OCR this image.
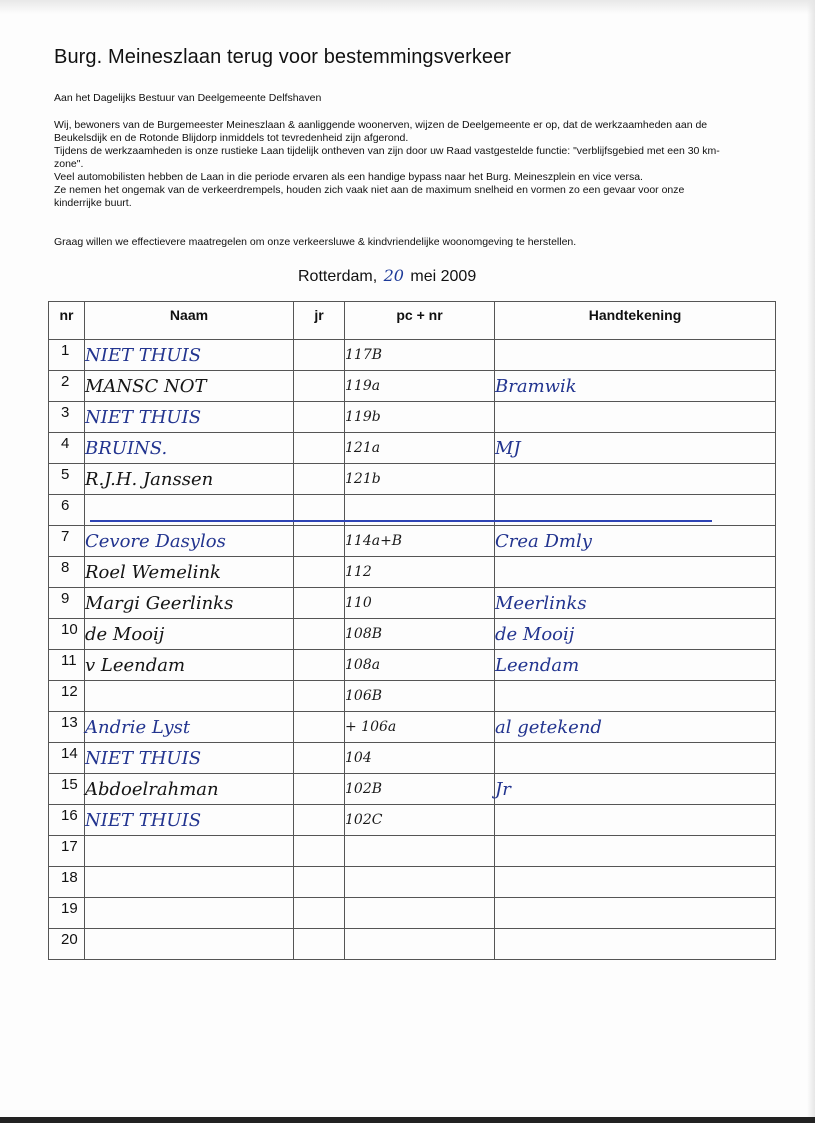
Burg. Meineszlaan terug voor bestemmingsverkeer
Aan het Dagelijks Bestuur van Deelgemeente Delfshaven

Wij, bewoners van de Burgemeester Meineszlaan & aanliggende woonerven, wijzen de Deelgemeente er op, dat de werkzaamheden aan de Beukelsdijk en de Rotonde Blijdorp inmiddels tot tevredenheid zijn afgerond.

Tijdens de werkzaamheden is onze rustieke Laan tijdelijk ontheven van zijn door uw Raad vastgestelde functie: "verblijfsgebied met een 30 km-zone".

Veel automobilisten hebben de Laan in die periode ervaren als een handige bypass naar het Burg. Meineszplein en vice versa.

Ze nemen het ongemak van de verkeerdrempels, houden zich vaak niet aan de maximum snelheid en vormen zo een gevaar voor onze kinderrijke buurt.

Graag willen we effectievere maatregelen om onze verkeersluwe & kindvriendelijke woonomgeving te herstellen.
Rotterdam, 20 mei 2009
nr	Naam	jr	pc + nr	Handtekening
1	NIET THUIS		117B	
2	MANSC NOT		119a	Bramwik
3	NIET THUIS		119b	
4	BRUINS.		121a	MJ
5	R.J.H. Janssen		121b	
6				
7	Cevore Dasylos		114a+B	Crea Dmly
8	Roel Wemelink		112	
9	Margi Geerlinks		110	Meerlinks
10	de Mooij		108B	de Mooij
11	v Leendam		108a	Leendam
12			106B	
13	Andrie Lyst		+ 106a	al getekend
14	NIET THUIS		104	
15	Abdoelrahman		102B	Jr
16	NIET THUIS		102C	
17				
18				
19				
20				
